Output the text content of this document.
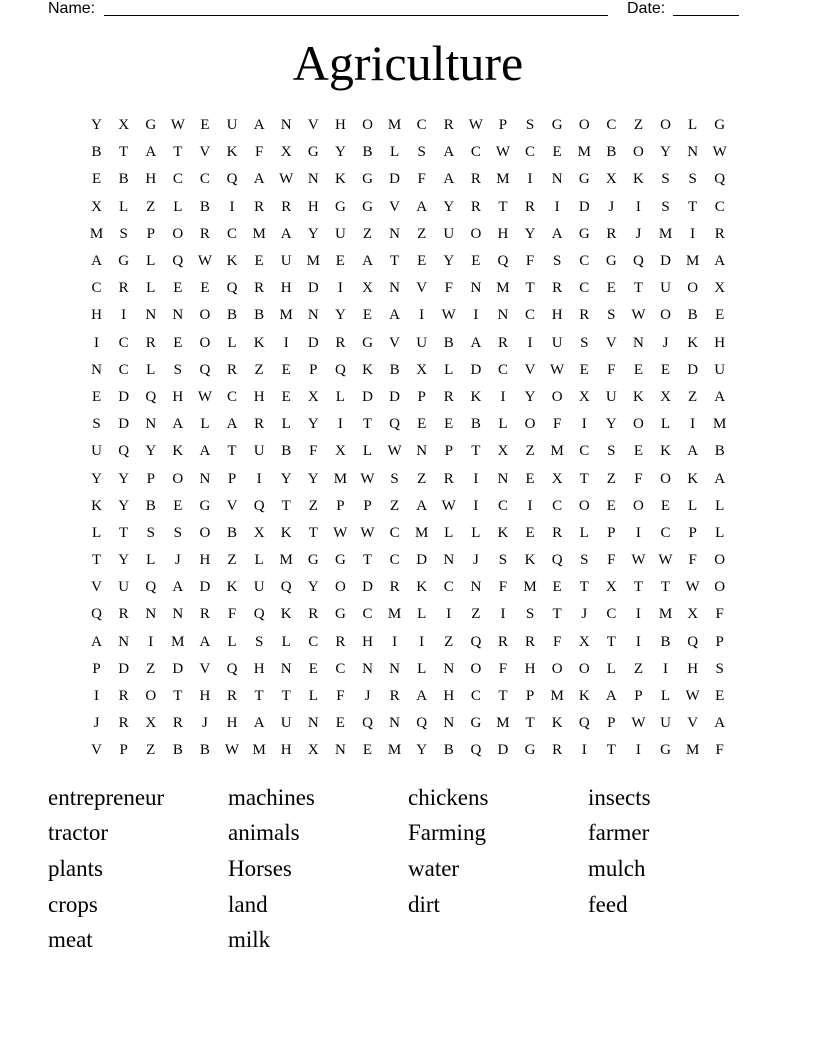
Name:	Date:
Agriculture
Y	X	G W	E	U	A	N	V	H	O	M	C	R	W	P	S	G	O	C	Z	O	L	G
B	T	A	T	V	K	F	X	G	Y	B	L	S	A	C	W	C	E	M	B	O	Y	N W
E	B	H	C	C	Q	A W N	K	G	D	F	A	R	M	I	N	G	X	K	S	S	Q
X	L	Z	L	B	I	R	R	H	G	G	V	A	Y	R	T	R	I	D	J	I	S	T	C
M	S	P	O	R	C	M	A	Y	U	Z	N	Z	U	O	H	Y	A	G	R	J	M	I	R
A	G	L	Q W K	E	U	M	E	A	T	E	Y	E	Q	F	S	C	G	Q	D	M	A
C	R	L	E	E	Q	R	H	D	I	X	N	V	F	N	M	T	R	C	E	T	U	O	X
H	I	N	N	O	B	B	M	N	Y	E	A	I	W	I	N	C	H	R	S	W O	B	E
I	C	R	E	O	L	K	I	D	R	G	V	U	B	A	R	I	U	S	V	N	J	K	H
N	C	L	S	Q	R	Z	E	P	Q	K	B	X	L	D	C	V W	E	F	E	E	D	U
E	D	Q	H W	C	H	E	X	L	D	D	P	R	K	I	Y	O	X	U	K	X	Z	A
S	D	N	A	L	A	R	L	Y	I	T	Q	E	E	B	L	O	F	I	Y	O	L	I	M
U	Q	Y	K	A	T	U	B	F	X	L	W N	P	T	X	Z	M	C	S	E	K	A	B
Y	Y	P	O	N	P	I	Y	Y	M W	S	Z	R	I	N	E	X	T	Z	F	O	K	A
K	Y	B	E	G	V	Q	T	Z	P	P	Z	A W	I	C	I	C	O	E	O	E	L	L
L	T	S	S	O	B	X	K	T	W W	C	M	L	L	K	E	R	L	P	I	C	P	L
T	Y	L	J	H	Z	L	M	G	G	T	C	D	N	J	S	K	Q	S	F	W W	F	O
V	U	Q	A	D	K	U	Q	Y	O	D	R	K	C	N	F	M	E	T	X	T	T	W O
Q	R	N	N	R	F	Q	K	R	G	C	M	L	I	Z	I	S	T	J	C	I	M	X	F
A	N	I	M	A	L	S	L	C	R	H	I	I	Z	Q	R	R	F	X	T	I	B	Q	P
P	D	Z	D	V	Q	H	N	E	C	N	N	L	N	O	F	H	O	O	L	Z	I	H	S
I	R	O	T	H	R	T	T	L	F	J	R	A	H	C	T	P	M	K	A	P	L	W	E
J	R	X	R	J	H	A	U	N	E	Q	N	Q	N	G	M	T	K	Q	P	W U	V	A
V	P	Z	B	B	W M	H	X	N	E	M	Y	B	Q	D	G	R	I	T	I	G	M	F
entrepreneur	machines	chickens	insects
tractor	animals	Farming	farmer
plants	Horses	water	mulch
crops	land	dirt	feed
meat	milk
